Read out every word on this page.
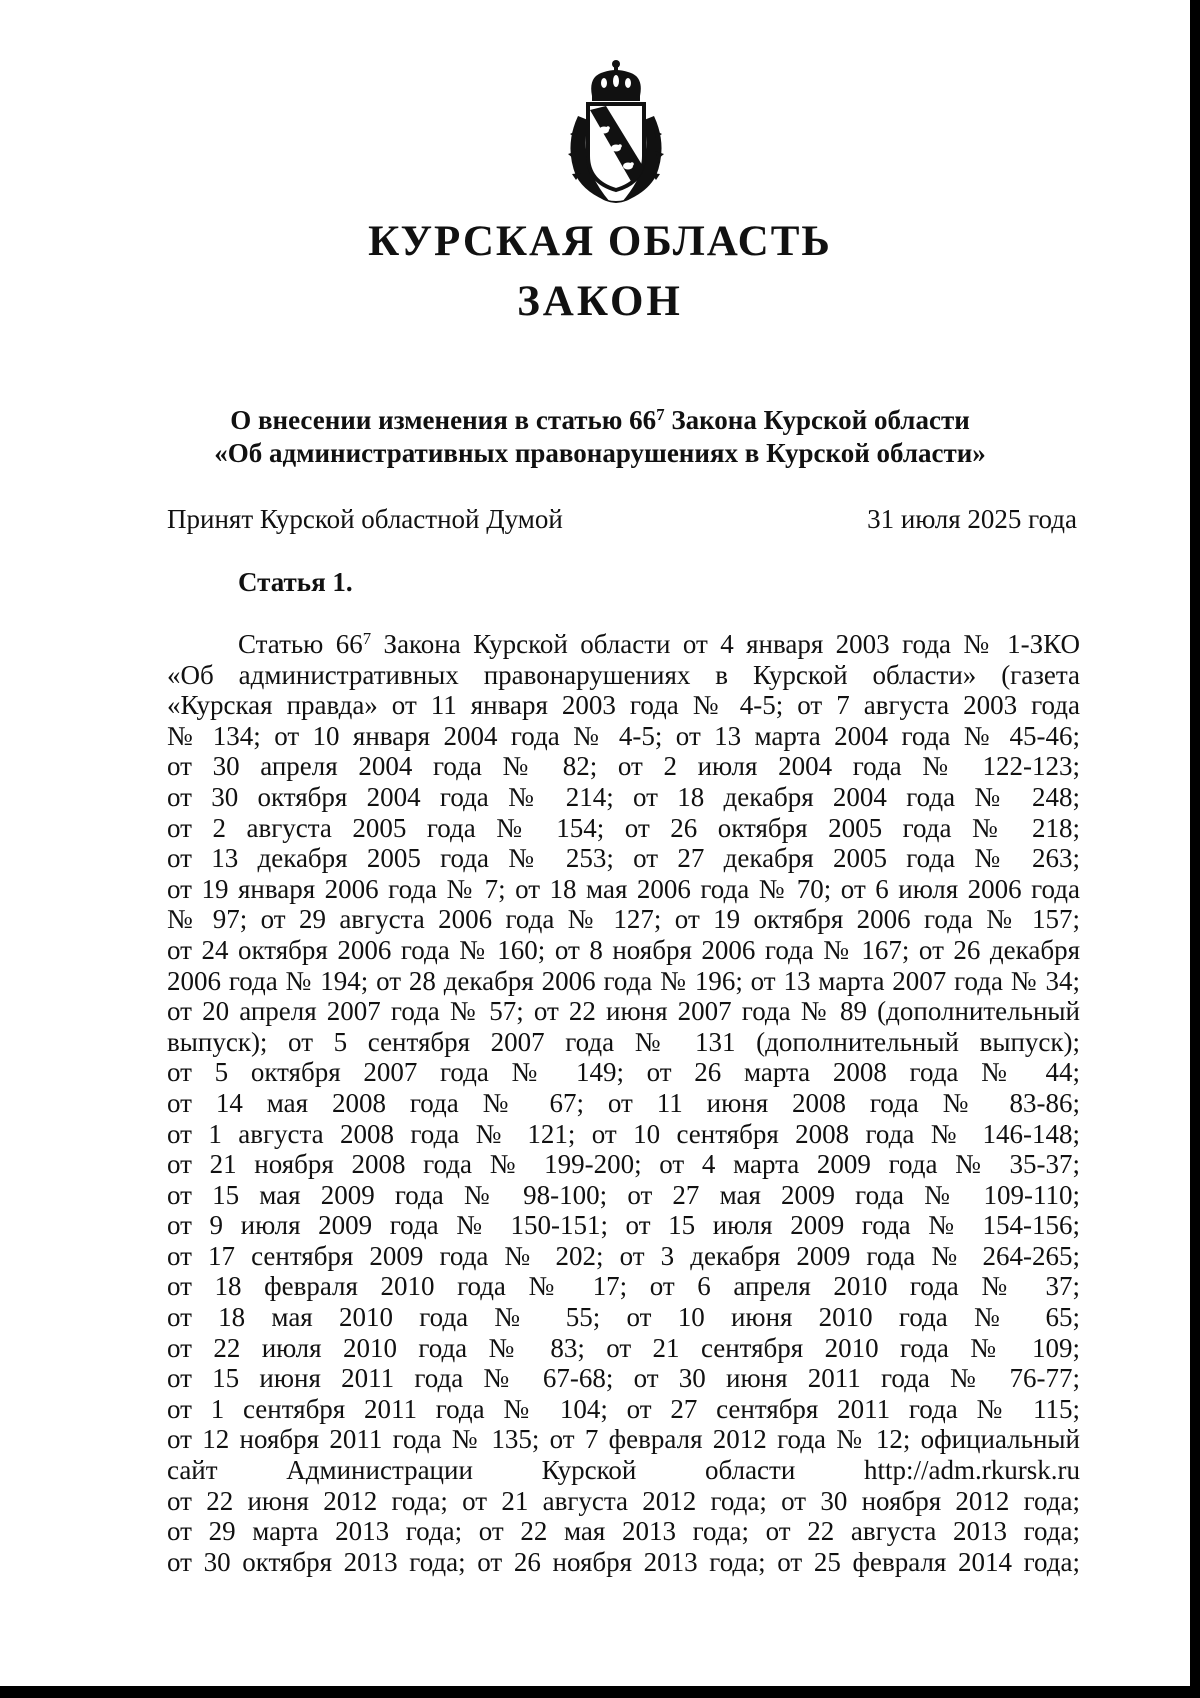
КУРСКАЯ ОБЛАСТЬ
ЗАКОН
О внесении изменения в статью $66^7$ Закона Курской области
«Об административных правонарушениях в Курской области»
Принят Курской областной Думой	31 июля 2025 года
Статья 1.
Статью $66^7$ Закона Курской области от 4 января 2003 года № 1-ЗКО
«Об административных правонарушениях в Курской области» (газета
«Курская правда» от 11 января 2003 года № 4-5; от 7 августа 2003 года
№ 134; от 10 января 2004 года № 4-5; от 13 марта 2004 года № 45-46;
от 30 апреля 2004 года № 82; от 2 июля 2004 года № 122-123;
от 30 октября 2004 года № 214; от 18 декабря 2004 года № 248;
от 2 августа 2005 года № 154; от 26 октября 2005 года № 218;
от 13 декабря 2005 года № 253; от 27 декабря 2005 года № 263;
от 19 января 2006 года № 7; от 18 мая 2006 года № 70; от 6 июля 2006 года
№ 97; от 29 августа 2006 года № 127; от 19 октября 2006 года № 157;
от 24 октября 2006 года № 160; от 8 ноября 2006 года № 167; от 26 декабря
2006 года № 194; от 28 декабря 2006 года № 196; от 13 марта 2007 года № 34;
от 20 апреля 2007 года № 57; от 22 июня 2007 года № 89 (дополнительный
выпуск); от 5 сентября 2007 года № 131 (дополнительный выпуск);
от 5 октября 2007 года № 149; от 26 марта 2008 года № 44;
от 14 мая 2008 года № 67; от 11 июня 2008 года № 83-86;
от 1 августа 2008 года № 121; от 10 сентября 2008 года № 146-148;
от 21 ноября 2008 года № 199-200; от 4 марта 2009 года № 35-37;
от 15 мая 2009 года № 98-100; от 27 мая 2009 года № 109-110;
от 9 июля 2009 года № 150-151; от 15 июля 2009 года № 154-156;
от 17 сентября 2009 года № 202; от 3 декабря 2009 года № 264-265;
от 18 февраля 2010 года № 17; от 6 апреля 2010 года № 37;
от 18 мая 2010 года № 55; от 10 июня 2010 года № 65;
от 22 июля 2010 года № 83; от 21 сентября 2010 года № 109;
от 15 июня 2011 года № 67-68; от 30 июня 2011 года № 76-77;
от 1 сентября 2011 года № 104; от 27 сентября 2011 года № 115;
от 12 ноября 2011 года № 135; от 7 февраля 2012 года № 12; официальный
сайт Администрации Курской области http://adm.rkursk.ru
от 22 июня 2012 года; от 21 августа 2012 года; от 30 ноября 2012 года;
от 29 марта 2013 года; от 22 мая 2013 года; от 22 августа 2013 года;
от 30 октября 2013 года; от 26 ноября 2013 года; от 25 февраля 2014 года;
